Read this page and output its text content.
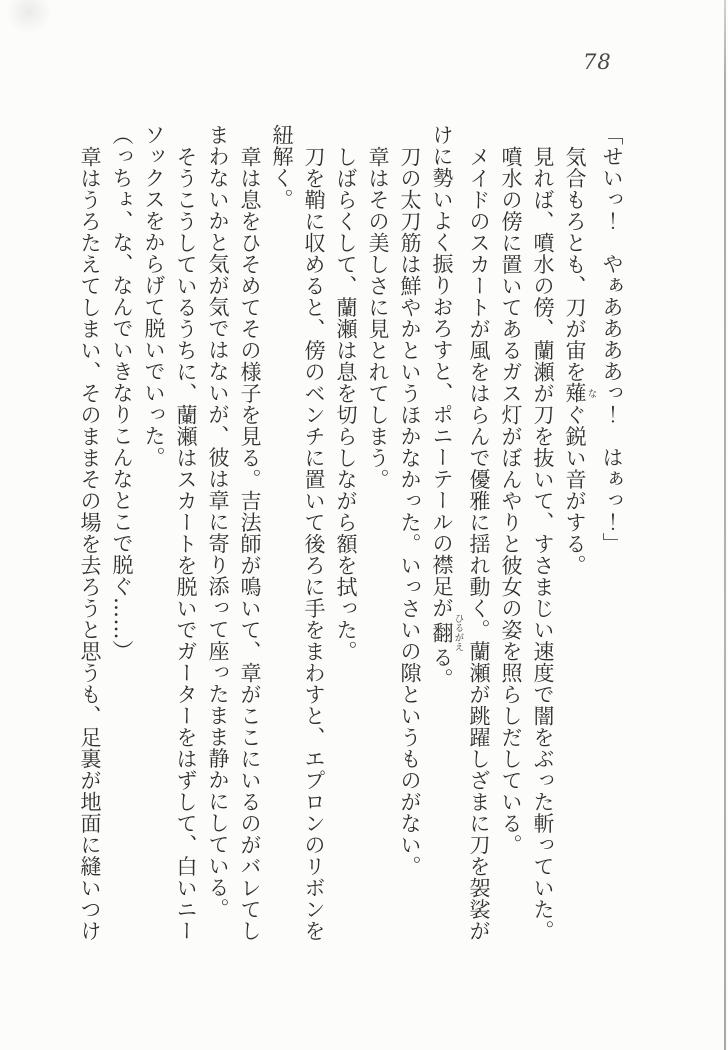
78
「せいっ！　やぁああああっ！　はぁっ！」
気合もろとも、刀が宙を薙なぐ鋭い音がする。
見れば、噴水の傍、蘭瀬が刀を抜いて、すさまじい速度で闇をぶった斬っていた。
噴水の傍に置いてあるガス灯がぼんやりと彼女の姿を照らしだしている。
メイドのスカートが風をはらんで優雅に揺れ動く。蘭瀬が跳躍しざまに刀を袈裟が
けに勢いよく振りおろすと、ポニーテールの襟足が翻ひるがえる。
刀の太刀筋は鮮やかというほかなかった。いっさいの隙というものがない。
章はその美しさに見とれてしまう。
しばらくして、蘭瀬は息を切らしながら額を拭った。
刀を鞘に収めると、傍のベンチに置いて後ろに手をまわすと、エプロンのリボンを
紐解く。
章は息をひそめてその様子を見る。吉法師が鳴いて、章がここにいるのがバレてし
まわないかと気が気ではないが、彼は章に寄り添って座ったまま静かにしている。
そうこうしているうちに、蘭瀬はスカートを脱いでガーターをはずして、白いニー
ソックスをからげて脱いでいった。
（っちょ、な、なんでいきなりこんなとこで脱ぐ……）
章はうろたえてしまい、そのままその場を去ろうと思うも、足裏が地面に縫いつけ
